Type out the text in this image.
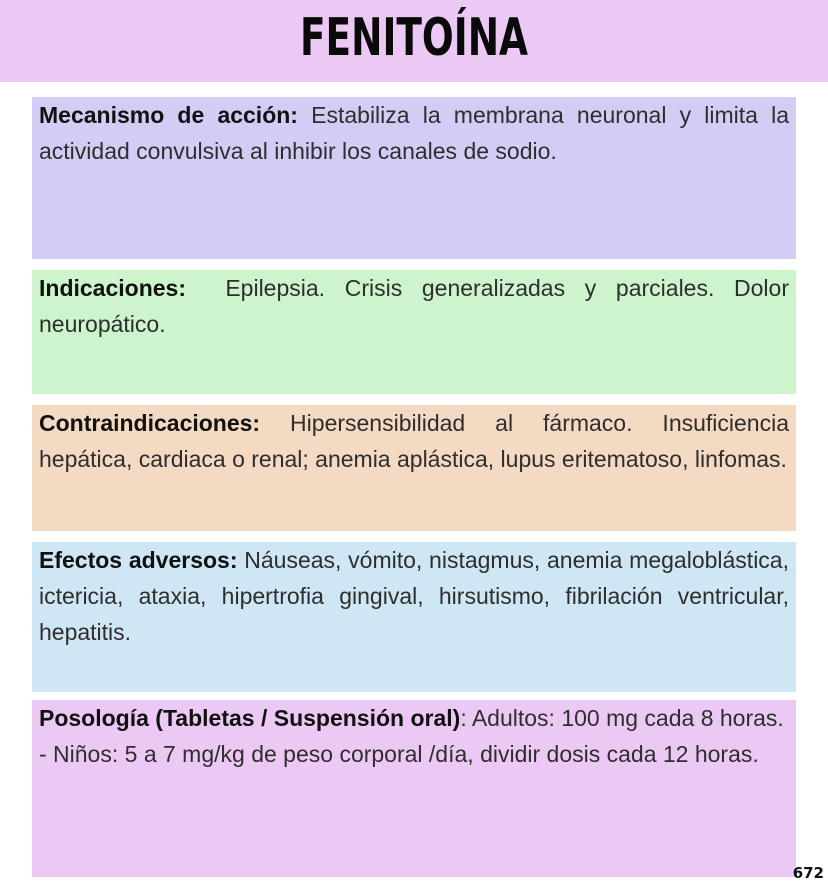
FENITOÍNA
Mecanismo de acción: Estabiliza la membrana neuronal y limita la actividad convulsiva al inhibir los canales de sodio.
Indicaciones:  Epilepsia. Crisis generalizadas y parciales. Dolor neuropático.
Contraindicaciones: Hipersensibilidad al fármaco. Insuficiencia hepática, cardiaca o renal; anemia aplástica, lupus eritematoso, linfomas.
Efectos adversos: Náuseas, vómito, nistagmus, anemia megaloblástica, ictericia, ataxia, hipertrofia gingival, hirsutismo, fibrilación ventricular, hepatitis.
Posología (Tabletas / Suspensión oral): Adultos: 100 mg cada 8 horas.
- Niños: 5 a 7 mg/kg de peso corporal /día, dividir dosis cada 12 horas.
672
